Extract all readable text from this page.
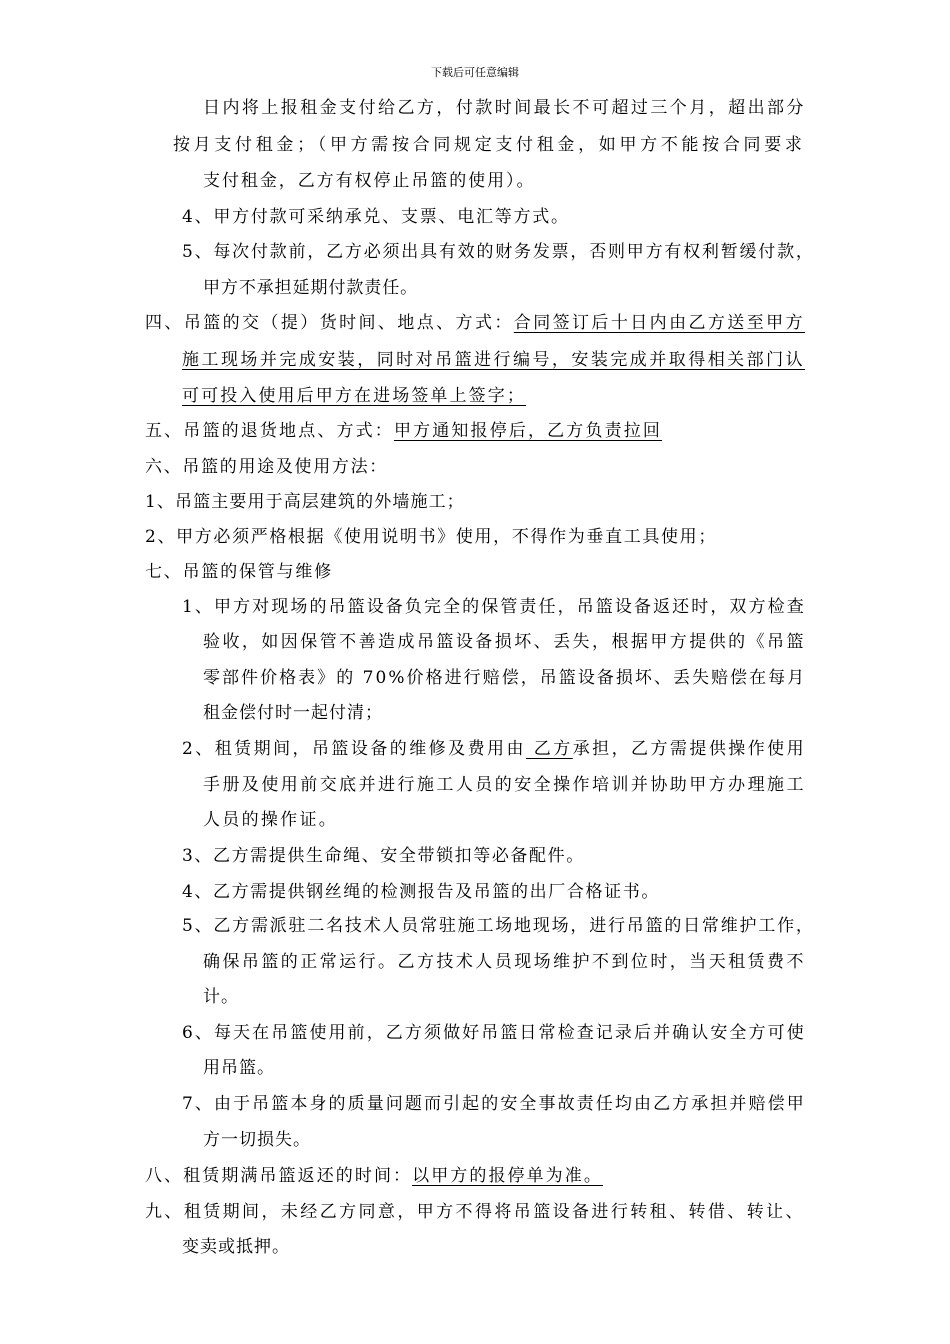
下载后可任意编辑
日内将上报租金支付给乙方，付款时间最长不可超过三个月，超出部分
按月支付租金；（甲方需按合同规定支付租金，如甲方不能按合同要求
支付租金，乙方有权停止吊篮的使用）。
4、甲方付款可采纳承兑、支票、电汇等方式。
5、每次付款前，乙方必须出具有效的财务发票，否则甲方有权利暂缓付款，
甲方不承担延期付款责任。
四、吊篮的交（提）货时间、地点、方式：合同签订后十日内由乙方送至甲方
施工现场并完成安装，同时对吊篮进行编号，安装完成并取得相关部门认
可可投入使用后甲方在进场签单上签字；
五、吊篮的退货地点、方式：甲方通知报停后，乙方负责拉回
六、吊篮的用途及使用方法：
1、吊篮主要用于高层建筑的外墙施工；
2、甲方必须严格根据《使用说明书》使用，不得作为垂直工具使用；
七、吊篮的保管与维修
1、甲方对现场的吊篮设备负完全的保管责任，吊篮设备返还时，双方检查
验收，如因保管不善造成吊篮设备损坏、丢失，根据甲方提供的《吊篮
零部件价格表》的 70%价格进行赔偿，吊篮设备损坏、丢失赔偿在每月
租金偿付时一起付清；
2、租赁期间，吊篮设备的维修及费用由 乙方承担，乙方需提供操作使用
手册及使用前交底并进行施工人员的安全操作培训并协助甲方办理施工
人员的操作证。
3、乙方需提供生命绳、安全带锁扣等必备配件。
4、乙方需提供钢丝绳的检测报告及吊篮的出厂合格证书。
5、乙方需派驻二名技术人员常驻施工场地现场，进行吊篮的日常维护工作，
确保吊篮的正常运行。乙方技术人员现场维护不到位时，当天租赁费不
计。
6、每天在吊篮使用前，乙方须做好吊篮日常检查记录后并确认安全方可使
用吊篮。
7、由于吊篮本身的质量问题而引起的安全事故责任均由乙方承担并赔偿甲
方一切损失。
八、租赁期满吊篮返还的时间：以甲方的报停单为准。
九、租赁期间，未经乙方同意，甲方不得将吊篮设备进行转租、转借、转让、
变卖或抵押。
